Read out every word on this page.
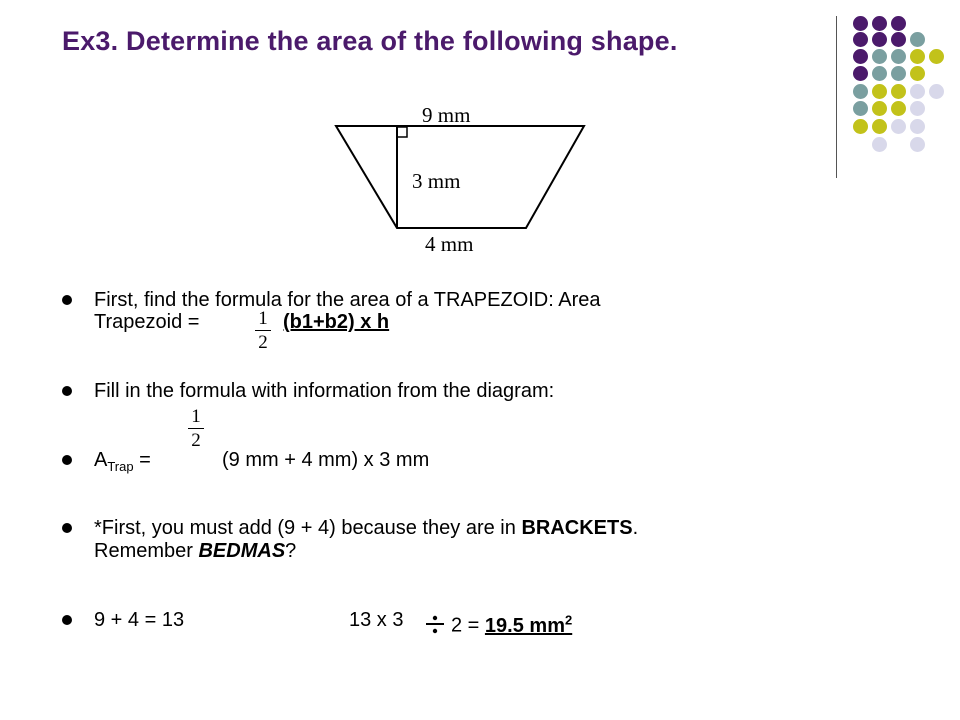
Ex3. Determine the area of the following shape.
9 mm
3 mm
4 mm
First, find the formula for the area of a TRAPEZOID: Area
Trapezoid =	1
2
(b1+b2) x h
Fill in the formula with information from the diagram:
1
2
$A_{Trap}$ =	(9 mm + 4 mm) x 3 mm
*First, you must add (9 + 4) because they are in BRACKETS.
Remember BEDMAS?
9 + 4 = 13	13 x 3 2 = 19.5 $mm^2$
